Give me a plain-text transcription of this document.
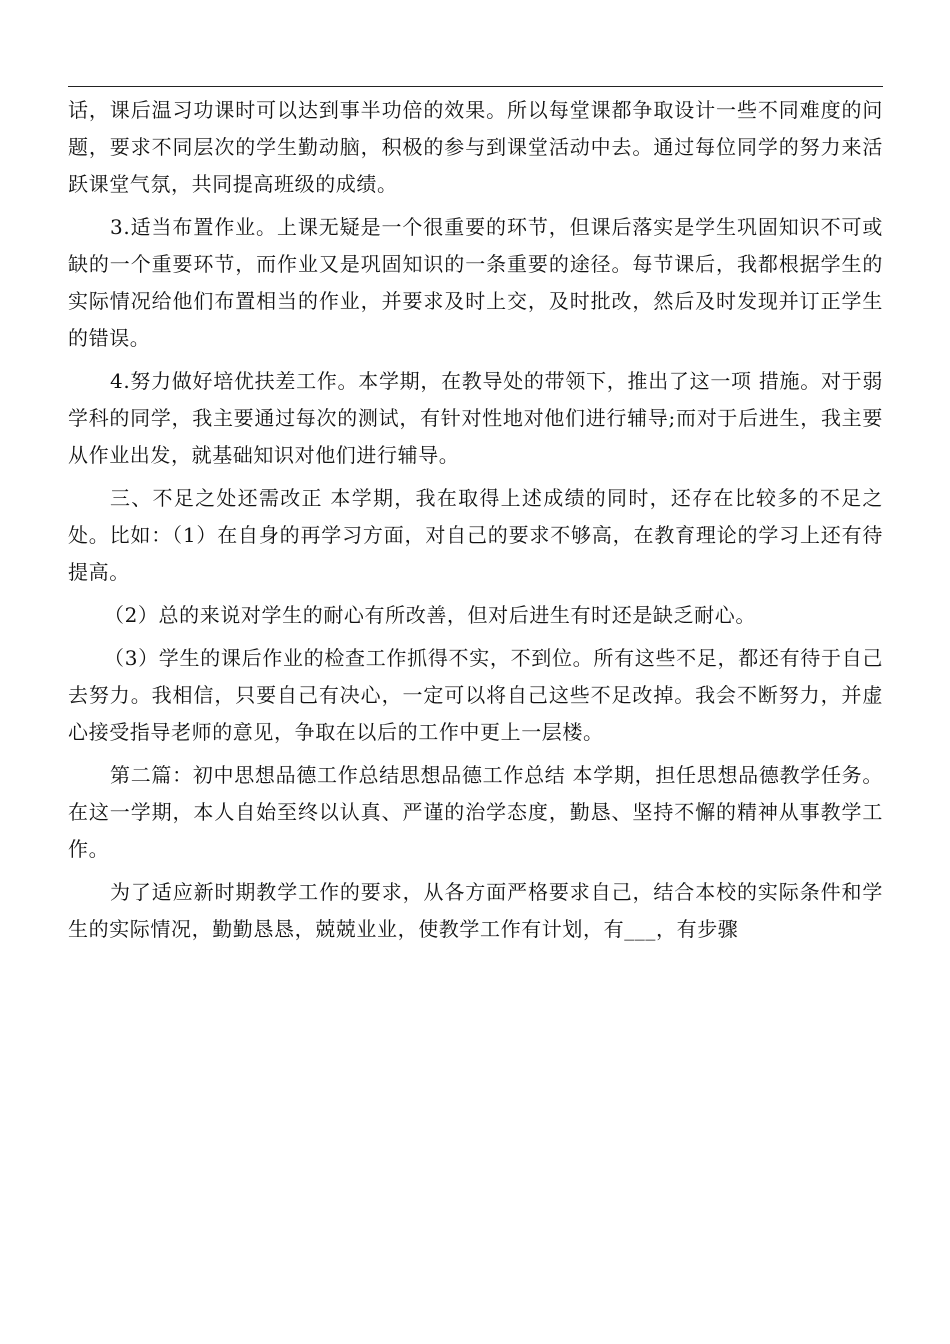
话，课后温习功课时可以达到事半功倍的效果。所以每堂课都争取设计一些不同难度的问题，要求不同层次的学生勤动脑，积极的参与到课堂活动中去。通过每位同学的努力来活跃课堂气氛，共同提高班级的成绩。

3.适当布置作业。上课无疑是一个很重要的环节，但课后落实是学生巩固知识不可或缺的一个重要环节，而作业又是巩固知识的一条重要的途径。每节课后，我都根据学生的实际情况给他们布置相当的作业，并要求及时上交，及时批改，然后及时发现并订正学生的错误。

4.努力做好培优扶差工作。本学期，在教导处的带领下，推出了这一项 措施。对于弱学科的同学，我主要通过每次的测试，有针对性地对他们进行辅导;而对于后进生，我主要从作业出发，就基础知识对他们进行辅导。

三、不足之处还需改正 本学期，我在取得上述成绩的同时，还存在比较多的不足之处。比如：（1）在自身的再学习方面，对自己的要求不够高，在教育理论的学习上还有待提高。

（2）总的来说对学生的耐心有所改善，但对后进生有时还是缺乏耐心。

（3）学生的课后作业的检查工作抓得不实，不到位。所有这些不足，都还有待于自己去努力。我相信，只要自己有决心，一定可以将自己这些不足改掉。我会不断努力，并虚心接受指导老师的意见，争取在以后的工作中更上一层楼。

第二篇：初中思想品德工作总结思想品德工作总结 本学期，担任思想品德教学任务。在这一学期，本人自始至终以认真、严谨的治学态度，勤恳、坚持不懈的精神从事教学工作。

为了适应新时期教学工作的要求，从各方面严格要求自己，结合本校的实际条件和学生的实际情况，勤勤恳恳，兢兢业业，使教学工作有计划，有___，有步骤
